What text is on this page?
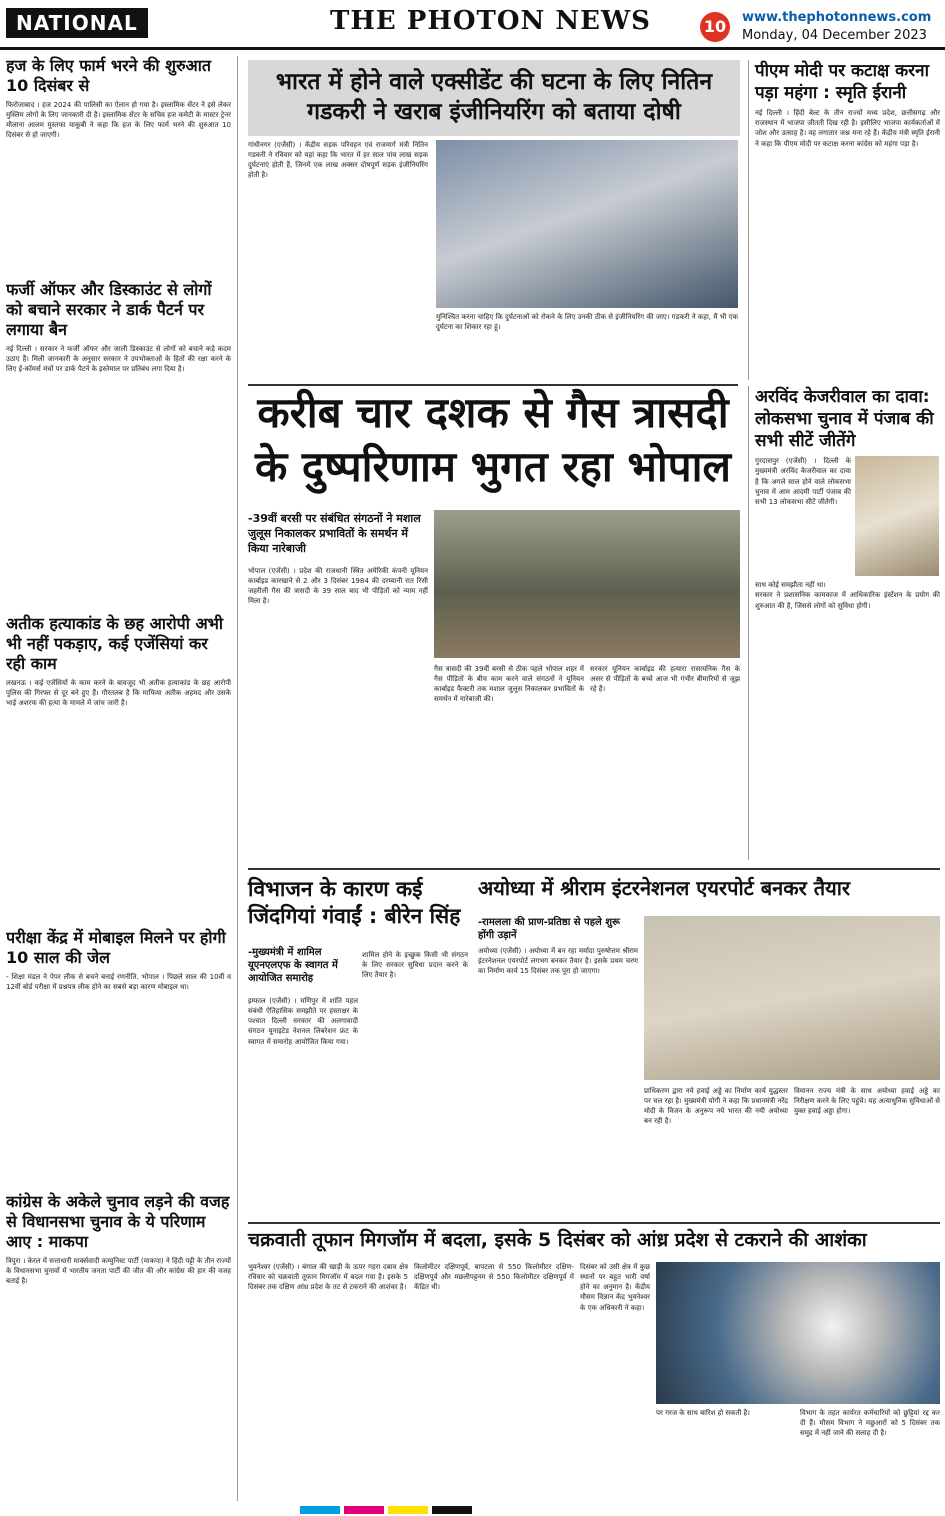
NATIONAL	THE PHOTON NEWS	10 www.thephotonnews.com
Monday, 04 December 2023
हज के लिए फार्म भरने की शुरुआत 10 दिसंबर से
फिरोजाबाद । हज 2024 की पालिसी का ऐलान हो गया है। इस्लामिक सेंटर ने इसे लेकर मुस्लिम लोगों के लिए जानकारी दी है। इस्लामिक सेंटर के सचिव हज कमेटी के मास्टर ट्रेनर मौलाना आलम मुस्तफा याकूबी ने कहा कि हज के लिए फार्म भरने की शुरुआत 10 दिसंबर से हो जाएगी।
फर्जी ऑफर और डिस्काउंट से लोगों को बचाने सरकार ने डार्क पैटर्न पर लगाया बैन
नई दिल्ली । सरकार ने फर्जी ऑफर और जाली डिस्काउंट से लोगों को बचाने कड़े कदम उठाए हैं। मिली जानकारी के अनुसार सरकार ने उपभोक्ताओं के हितों की रक्षा करने के लिए ई-कॉमर्स मंचों पर डार्क पैटर्न के इस्तेमाल पर प्रतिबंध लगा दिया है।
अतीक हत्याकांड के छह आरोपी अभी भी नहीं पकड़ाए, कई एजेंसियां कर रही काम
लखनऊ । कई एजेंसियों के काम करने के बावजूद भी अतीक हत्याकांड के छह आरोपी पुलिस की गिरफ्त से दूर बने हुए हैं। गौरतलब है कि माफिया अतीक अहमद और उसके भाई अशरफ की हत्या के मामले में जांच जारी है।
परीक्षा केंद्र में मोबाइल मिलने पर होगी 10 साल की जेल
- शिक्षा मंडल ने पेपर लीक से बचने बनाई रणनीति. भोपाल । पिछले साल की 10वीं व 12वीं बोर्ड परीक्षा में प्रश्नपत्र लीक होने का सबसे बड़ा कारण मोबाइल था।
कांग्रेस के अकेले चुनाव लड़ने की वजह से विधानसभा चुनाव के ये परिणाम आए : माकपा
त्रिपुरा । केरल में सत्ताधारी मार्क्सवादी कम्युनिस्ट पार्टी (माकपा) ने हिंदी पट्टी के तीन राज्यों के विधानसभा चुनावों में भारतीय जनता पार्टी की जीत की और कांग्रेस की हार की वजह बताई है।
भारत में होने वाले एक्सीडेंट की घटना के लिए नितिन गडकरी ने खराब इंजीनियरिंग को बताया दोषी
गांधीनगर (एजेंसी) । केंद्रीय सड़क परिवहन एवं राजमार्ग मंत्री नितिन गडकरी ने रविवार को यहां कहा कि भारत में हर साल पांच लाख सड़क दुर्घटनाएं होती हैं, जिनमें एक लाख अक्सर दोषपूर्ण सड़क इंजीनियरिंग होती है।
मुनिश्चित करना चाहिए कि दुर्घटनाओं को रोकने के लिए उनकी ठीक से इंजीनियरिंग की जाए। गडकरी ने कहा, मैं भी एक दुर्घटना का शिकार रहा हूं।
पीएम मोदी पर कटाक्ष करना पड़ा महंगा : स्मृति ईरानी
नई दिल्ली । हिंदी बेल्ट के तीन राज्यों मध्य प्रदेश, छत्तीसगढ़ और राजस्थान में भाजपा जीतती दिख रही है। इसीलिए भाजपा कार्यकर्ताओं में जोश और उत्साह है। वह लगातार जश्न मना रहे हैं। केंद्रीय मंत्री स्मृति ईरानी ने कहा कि पीएम मोदी पर कटाक्ष करना कांग्रेस को महंगा पड़ा है।
करीब चार दशक से गैस त्रासदी के दुष्परिणाम भुगत रहा भोपाल
-39वीं बरसी पर संबंधित संगठनों ने मशाल जुलूस निकालकर प्रभावितों के समर्थन में किया नारेबाजी
भोपाल (एजेंसी) । प्रदेश की राजधानी स्थित अमेरिकी कंपनी यूनियन कार्बाइड कारखाने से 2 और 3 दिसंबर 1984 की दरम्यानी रात रिसी जहरीली गैस की त्रासदी के 39 साल बाद भी पीड़ितों को न्याय नहीं मिला है।
गैस त्रासदी की 39वीं बरसी से ठीक पहले भोपाल शहर में गैस पीड़ितों के बीच काम करने वाले संगठनों ने यूनियन कार्बाइड फैक्टरी तक मशाल जुलूस निकालकर प्रभावितों के समर्थन में नारेबाजी की।
सरकार यूनियन कार्बाइड की हत्यारा रासायनिक गैस के असर से पीड़ितों के बच्चे आज भी गंभीर बीमारियों से जूझ रहे हैं।
अरविंद केजरीवाल का दावा: लोकसभा चुनाव में पंजाब की सभी सीटें जीतेंगे
गुरदासपुर (एजेंसी) । दिल्ली के मुख्यमंत्री अरविंद केजरीवाल का दावा है कि अगले साल होने वाले लोकसभा चुनाव में आम आदमी पार्टी पंजाब की सभी 13 लोकसभा सीटें जीतेगी।
साथ कोई समझौता नहीं था।
सरकार ने प्रशासनिक कामकाज में आधिकारिक इंस्टेंशन के प्रयोग की शुरुआत की है, जिससे लोगों को सुविधा होगी।
विभाजन के कारण कई जिंदगियां गंवाईं : बीरेन सिंह
-मुख्यमंत्री में शामिल यूएनएलएफ के स्वागत में आयोजित समारोह
इम्फाल (एजेंसी) । मणिपुर में शांति पहल संबंधी ऐतिहासिक समझौते पर हस्ताक्षर के पश्चात दिल्ली सरकार की अलगावादी संगठन यूनाइटेड नेशनल लिबरेशन फ्रंट के स्वागत में समारोह आयोजित किया गया।
शामिल होने के इच्छुक किसी भी संगठन के लिए सरकार सुविधा प्रदान करने के लिए तैयार है।
अयोध्या में श्रीराम इंटरनेशनल एयरपोर्ट बनकर तैयार
-रामलला की प्राण-प्रतिष्ठा से पहले शुरू होंगी उड़ानें
अयोध्या (एजेंसी) । अयोध्या में बन रहा मर्यादा पुरुषोत्तम श्रीराम इंटरनेशनल एयरपोर्ट लगभग बनकर तैयार है। इसके प्रथम चरण का निर्माण कार्य 15 दिसंबर तक पूरा हो जाएगा।
प्राधिकरण द्वारा नये हवाई अड्डे का निर्माण कार्य युद्धस्तर पर चल रहा है। मुख्यमंत्री योगी ने कहा कि प्रधानमंत्री नरेंद्र मोदी के विजन के अनुरूप नये भारत की नयी अयोध्या बन रही है।
विमानन राज्य मंत्री के साथ अयोध्या हवाई अड्डे का निरीक्षण करने के लिए पहुंचे। यह अत्याधुनिक सुविधाओं से युक्त हवाई अड्डा होगा।
चक्रवाती तूफान मिगजॉम में बदला, इसके 5 दिसंबर को आंध्र प्रदेश से टकराने की आशंका
भुवनेश्वर (एजेंसी) । बंगाल की खाड़ी के ऊपर गहरा दबाव क्षेत्र रविवार को चक्रवाती तूफान मिगजॉम में बदल गया है। इसके 5 दिसंबर तक दक्षिण आंध्र प्रदेश के तट से टकराने की आशंका है।
किलोमीटर दक्षिणपूर्व, बापटला से 550 किलोमीटर दक्षिण-दक्षिणपूर्व और मछलीपट्टनम से 550 किलोमीटर दक्षिणपूर्व में केंद्रित थी।
दिसंबर को उसी क्षेत्र में कुछ स्थानों पर बहुत भारी वर्षा होने का अनुमान है। केंद्रीय मौसम विज्ञान केंद्र भुवनेश्वर के एक अधिकारी ने कहा।
पर गरज के साथ बारिश हो सकती है।	विभाग के तहत कार्यरत कर्मचारियों को छुट्टियां रद्द कर दी हैं। मौसम विभाग ने मछुआरों को 5 दिसंबर तक समुद्र में नहीं जाने की सलाह दी है।
